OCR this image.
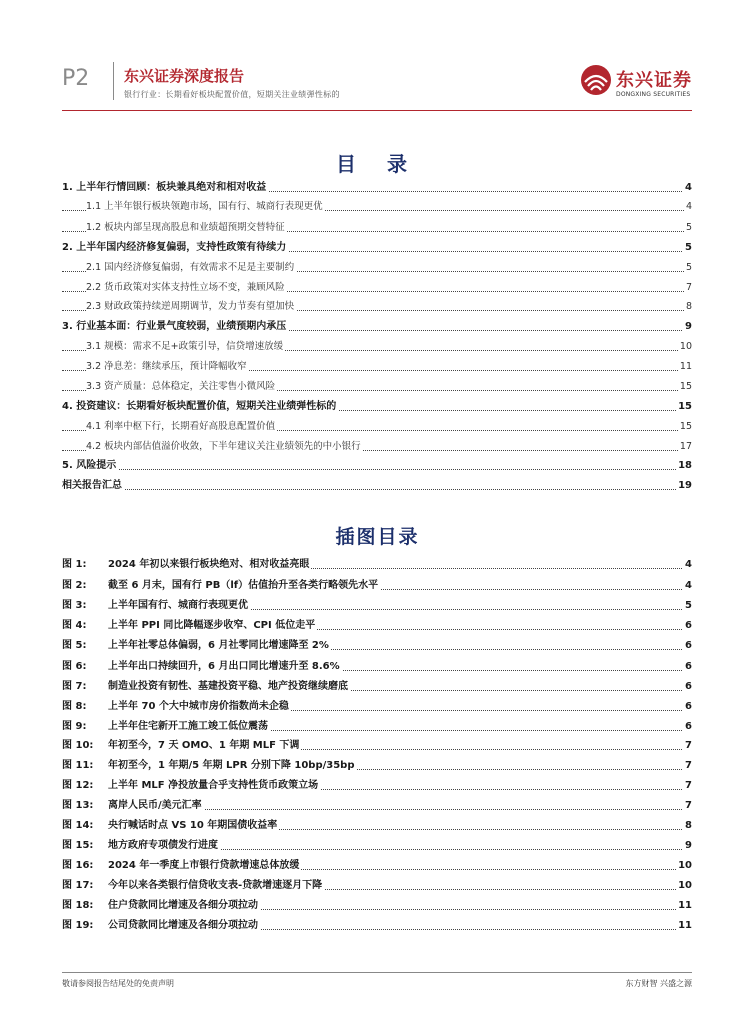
P2 东兴证券深度报告
银行行业：长期看好板块配置价值，短期关注业绩弹性标的
东兴证券
DONGXING SECURITIES
目 录
1. 上半年行情回顾：板块兼具绝对和相对收益	4
1.1 上半年银行板块领跑市场，国有行、城商行表现更优	4
1.2 板块内部呈现高股息和业绩超预期交替特征	5
2. 上半年国内经济修复偏弱，支持性政策有待续力	5
2.1 国内经济修复偏弱，有效需求不足是主要制约	5
2.2 货币政策对实体支持性立场不变，兼顾风险	7
2.3 财政政策持续逆周期调节，发力节奏有望加快	8
3. 行业基本面：行业景气度较弱，业绩预期内承压	9
3.1 规模：需求不足+政策引导，信贷增速放缓	10
3.2 净息差：继续承压，预计降幅收窄	11
3.3 资产质量：总体稳定，关注零售小微风险	15
4. 投资建议：长期看好板块配置价值，短期关注业绩弹性标的	15
4.1 利率中枢下行，长期看好高股息配置价值	15
4.2 板块内部估值溢价收敛，下半年建议关注业绩领先的中小银行	17
5. 风险提示	18
相关报告汇总	19
插图目录
图 1:	2024 年初以来银行板块绝对、相对收益亮眼	4
图 2:	截至 6 月末，国有行 PB（lf）估值抬升至各类行略领先水平	4
图 3:	上半年国有行、城商行表现更优	5
图 4:	上半年 PPI 同比降幅逐步收窄、CPI 低位走平	6
图 5:	上半年社零总体偏弱，6 月社零同比增速降至 2%	6
图 6:	上半年出口持续回升，6 月出口同比增速升至 8.6%	6
图 7:	制造业投资有韧性、基建投资平稳、地产投资继续磨底	6
图 8:	上半年 70 个大中城市房价指数尚未企稳	6
图 9:	上半年住宅新开工施工竣工低位震荡	6
图 10:	年初至今，7 天 OMO、1 年期 MLF 下调	7
图 11:	年初至今，1 年期/5 年期 LPR 分别下降 10bp/35bp	7
图 12:	上半年 MLF 净投放量合乎支持性货币政策立场	7
图 13:	离岸人民币/美元汇率	7
图 14:	央行喊话时点 VS 10 年期国债收益率	8
图 15:	地方政府专项债发行进度	9
图 16:	2024 年一季度上市银行贷款增速总体放缓	10
图 17:	今年以来各类银行信贷收支表-贷款增速逐月下降	10
图 18:	住户贷款同比增速及各细分项拉动	11
图 19:	公司贷款同比增速及各细分项拉动	11
敬请参阅报告结尾处的免责声明	东方财智 兴盛之源
